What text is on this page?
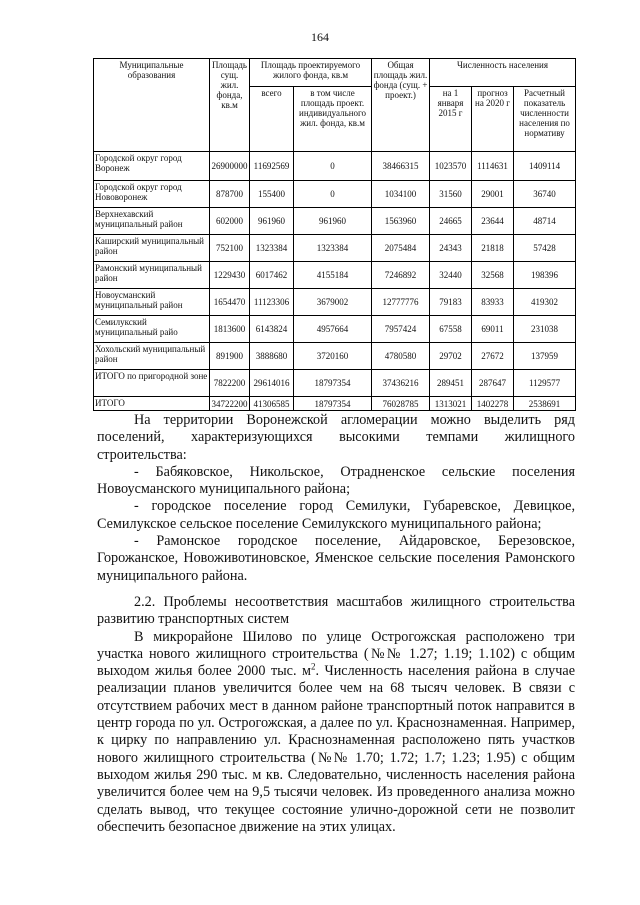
164
Муниципальные образования	Площадь сущ. жил. фонда, кв.м	Площадь проектируемого жилого фонда, кв.м		Общая площадь жил. фонда (сущ. + проект.)	Численность населения		
		всего	в том числе площадь проект. индивидуального жил. фонда, кв.м		на 1 января 2015 г	прогноз на 2020 г	Расчетный показатель численности населения по нормативу
Городской округ город Воронеж	26900000	11692569	0	38466315	1023570	1114631	1409114
Городской округ город Нововоронеж	878700	155400	0	1034100	31560	29001	36740
Верхнехавский муниципальный район	602000	961960	961960	1563960	24665	23644	48714
Каширский муниципальный район	752100	1323384	1323384	2075484	24343	21818	57428
Рамонский муниципальный район	1229430	6017462	4155184	7246892	32440	32568	198396
Новоусманский муниципальный район	1654470	11123306	3679002	12777776	79183	83933	419302
Семилукский муниципальный райо	1813600	6143824	4957664	7957424	67558	69011	231038
Хохольский муниципальный район	891900	3888680	3720160	4780580	29702	27672	137959
ИТОГО по пригородной зоне	7822200	29614016	18797354	37436216	289451	287647	1129577
ИТОГО	34722200	41306585	18797354	76028785	1313021	1402278	2538691

На территории Воронежской агломерации можно выделить ряд поселений, характеризующихся высокими темпами жилищного строительства:

- Бабяковское, Никольское, Отрадненское сельские поселения Новоусманского муниципального района;

- городское поселение город Семилуки, Губаревское, Девицкое, Семилукское сельское поселение Семилукского муниципального района;

- Рамонское городское поселение, Айдаровское, Березовское, Горожанское, Новоживотиновское, Яменское сельские поселения Рамонского муниципального района.

2.2. Проблемы несоответствия масштабов жилищного строительства развитию транспортных систем

В микрорайоне Шилово по улице Острогожская расположено три участка нового жилищного строительства (№№ 1.27; 1.19; 1.102) с общим выходом жилья более 2000 тыс. $м^2$. Численность населения района в случае реализации планов увеличится более чем на 68 тысяч человек. В связи с отсутствием рабочих мест в данном районе транспортный поток направится в центр города по ул. Острогожская, а далее по ул. Краснознаменная. Например, к цирку по направлению ул. Краснознаменная расположено пять участков нового жилищного строительства (№№ 1.70; 1.72; 1.7; 1.23; 1.95) с общим выходом жилья 290 тыс. м кв. Следовательно, численность населения района увеличится более чем на 9,5 тысячи человек. Из проведенного анализа можно сделать вывод, что текущее состояние улично-дорожной сети не позволит обеспечить безопасное движение на этих улицах.
